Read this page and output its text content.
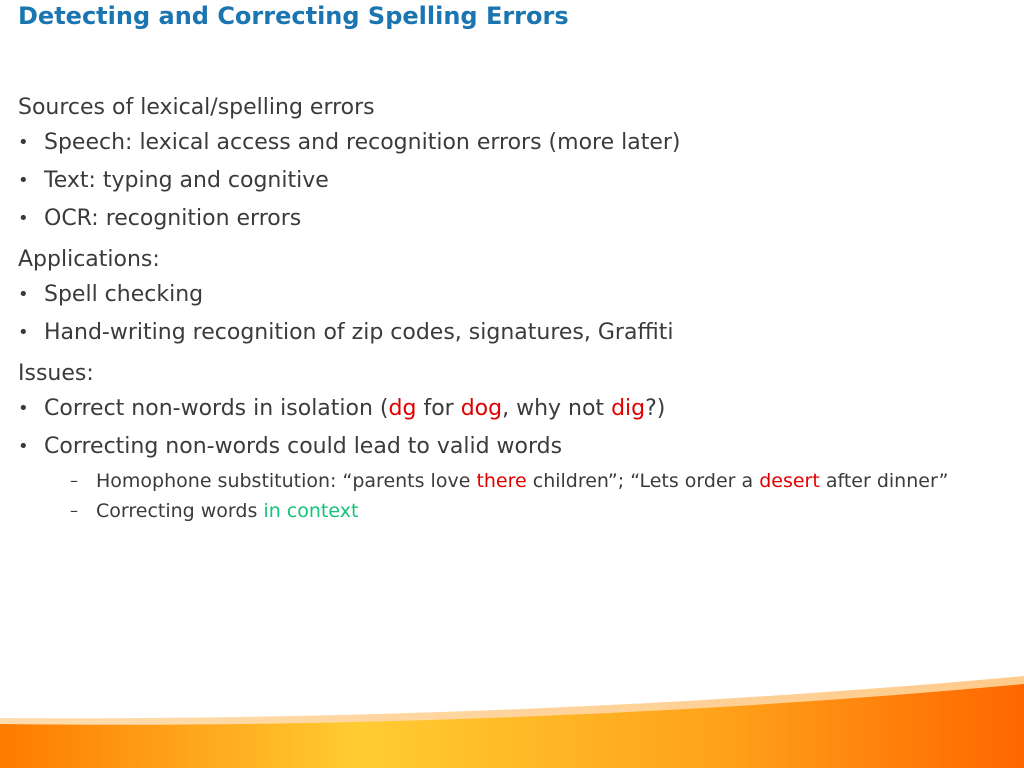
Detecting and Correcting Spelling Errors

Sources of lexical/spelling errors

• Speech: lexical access and recognition errors (more later)
• Text: typing and cognitive
• OCR: recognition errors

Applications:

• Spell checking
• Hand-writing recognition of zip codes, signatures, Graffiti

Issues:

• Correct non-words in isolation (dg for dog, why not dig?)
• Correcting non-words could lead to valid words
– Homophone substitution: “parents love there children”; “Lets order a desert after dinner”
– Correcting words in context
